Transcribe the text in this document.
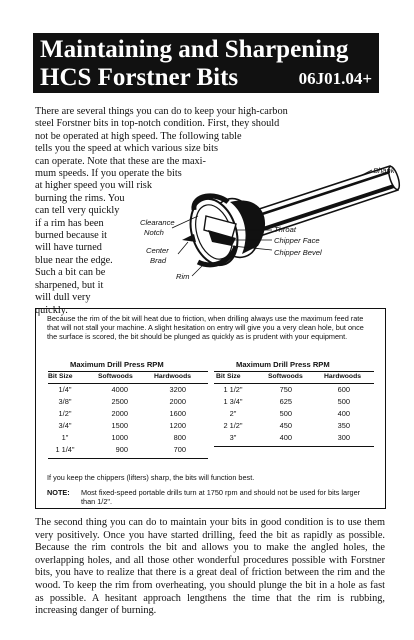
Maintaining and Sharpening
HCS Forstner Bits	06J01.04+
There are several things you can do to keep your high-carbon
steel Forstner bits in top-notch condition. First, they should
not be operated at high speed. The following table
tells you the speed at which various size bits
can operate. Note that these are the maxi-
mum speeds. If you operate the bits
at higher speed you will risk
burning the rims. You
can tell very quickly
if a rim has been
burned because it
will have turned
blue near the edge.
Such a bit can be
sharpened, but it
will dull very
quickly.
Shank
Clearance
Notch
Center
Brad
Rim
Throat
Chipper Face
Chipper Bevel
Because the rim of the bit will heat due to friction, when drilling always use the maximum feed rate that will not stall your machine. A slight hesitation on entry will give you a very clean hole, but once the surface is scored, the bit should be plunged as quickly as is prudent with your equipment.
Maximum Drill Press RPM
Bit Size	Softwoods	Hardwoods
1/4"	4000	3200
3/8"	2500	2000
1/2"	2000	1600
3/4"	1500	1200
1"	1000	800
1 1/4"	900	700
Maximum Drill Press RPM
Bit Size	Softwoods	Hardwoods
1 1/2"	750	600
1 3/4"	625	500
2"	500	400
2 1/2"	450	350
3"	400	300
If you keep the chippers (lifters) sharp, the bits will function best.
NOTE: Most fixed-speed portable drills turn at 1750 rpm and should not be used for bits larger than 1/2".
The second thing you can do to maintain your bits in good condition is to use them very positively. Once you have started drilling, feed the bit as rapidly as possible. Because the rim controls the bit and allows you to make the angled holes, the overlapping holes, and all those other wonderful procedures possible with Forstner bits, you have to realize that there is a great deal of friction between the rim and the wood. To keep the rim from overheating, you should plunge the bit in a hole as fast as possible. A hesitant approach lengthens the time that the rim is rubbing, increasing danger of burning.
